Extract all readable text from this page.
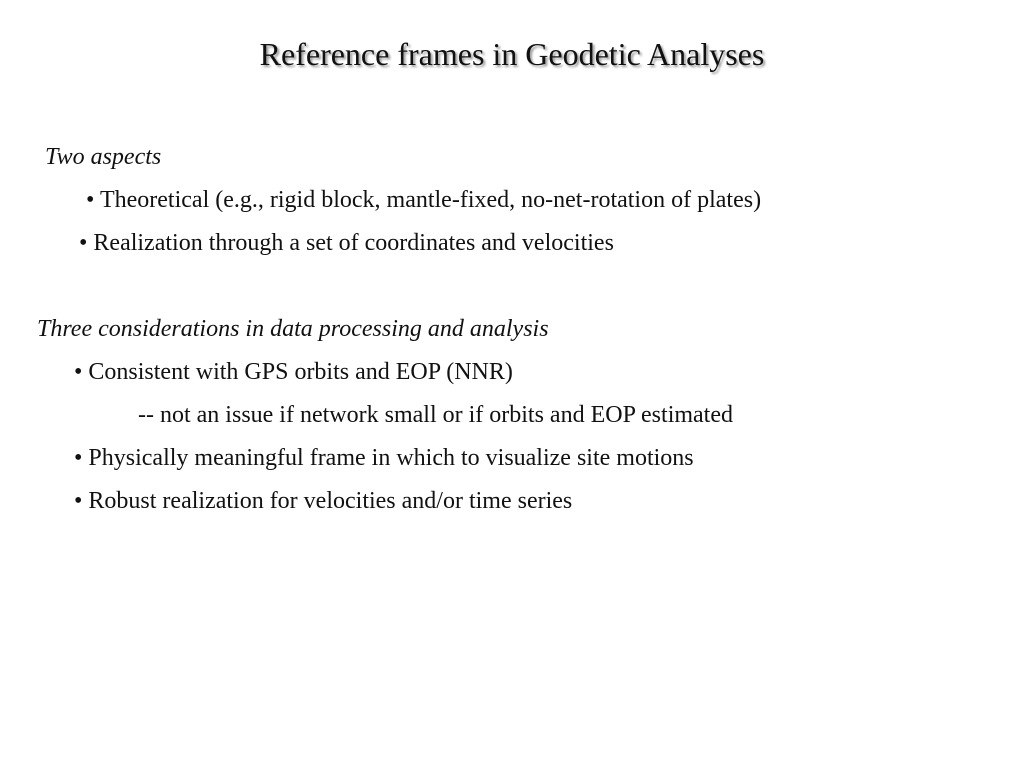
Reference frames in Geodetic Analyses
Two aspects
• Theoretical (e.g., rigid block, mantle-fixed, no-net-rotation of plates)
• Realization through a set of coordinates and velocities
Three considerations in data processing and analysis
• Consistent with GPS orbits and EOP (NNR)
-- not an issue if network small or if orbits and EOP estimated
• Physically meaningful frame in which to visualize site motions
• Robust realization for velocities and/or time series
